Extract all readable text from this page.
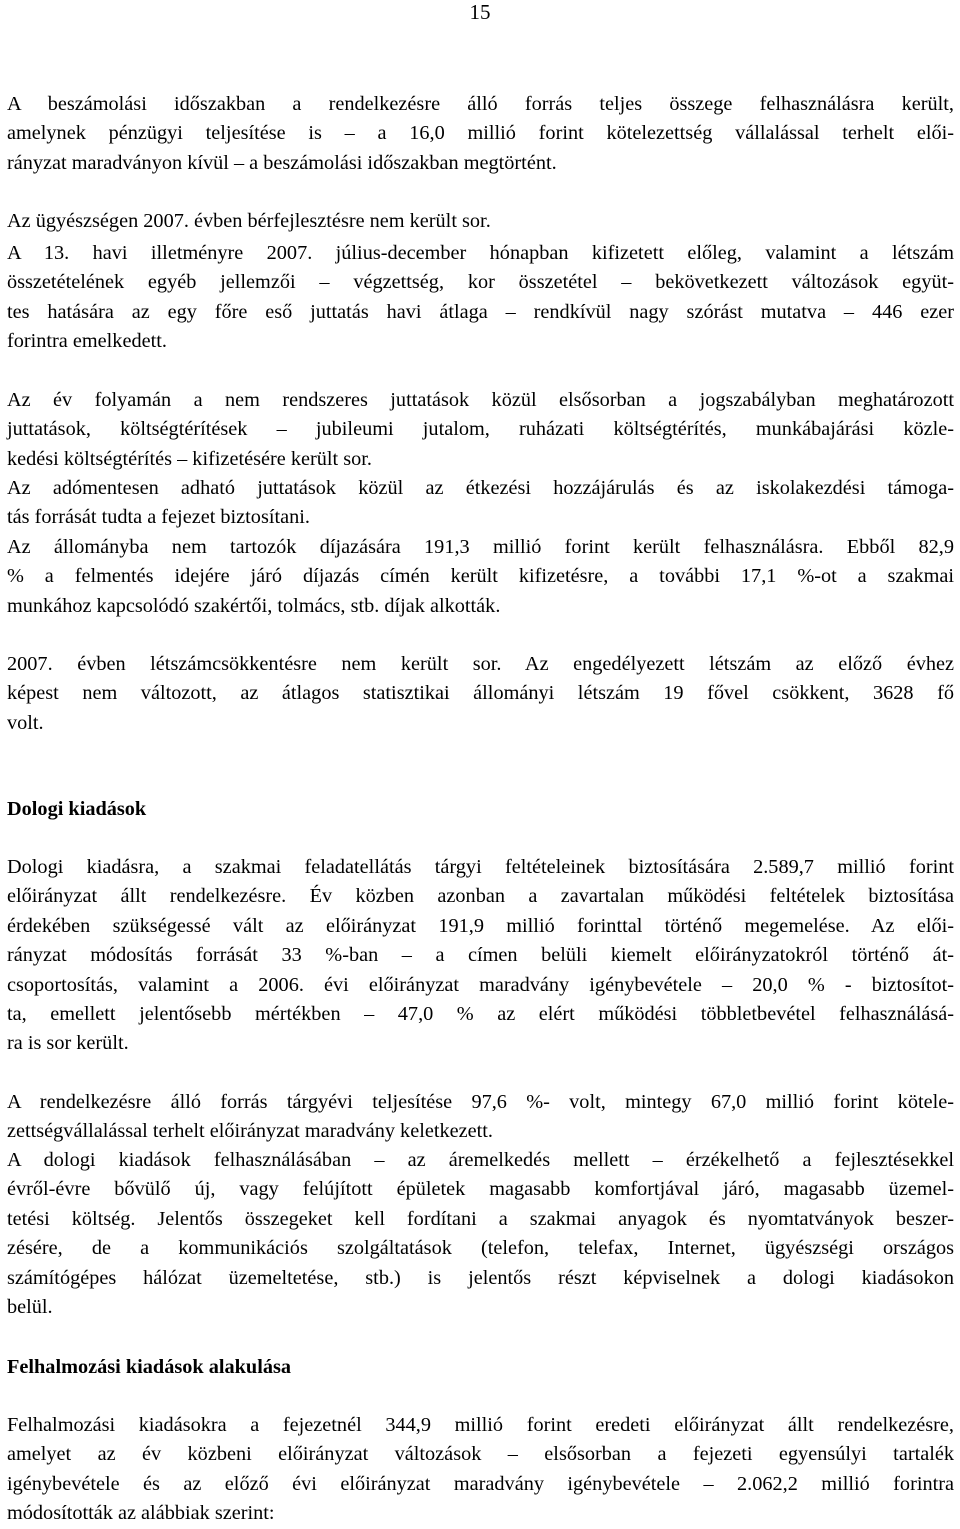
15
A beszámolási időszakban a rendelkezésre álló forrás teljes összege felhasználásra került,
amelynek pénzügyi teljesítése is – a 16,0 millió forint kötelezettség vállalással terhelt elői-
rányzat maradványon kívül – a beszámolási időszakban megtörtént.
Az ügyészségen 2007. évben bérfejlesztésre nem került sor.
A 13. havi illetményre 2007. július-december hónapban kifizetett előleg, valamint a létszám
összetételének egyéb jellemzői – végzettség, kor összetétel – bekövetkezett változások együt-
tes hatására az egy főre eső juttatás havi átlaga – rendkívül nagy szórást mutatva – 446 ezer
forintra emelkedett.
Az év folyamán a nem rendszeres juttatások közül elsősorban a jogszabályban meghatározott
juttatások, költségtérítések – jubileumi jutalom, ruházati költségtérítés, munkábajárási közle-
kedési költségtérítés – kifizetésére került sor.
Az adómentesen adható juttatások közül az étkezési hozzájárulás és az iskolakezdési támoga-
tás forrását tudta a fejezet biztosítani.
Az állományba nem tartozók díjazására 191,3 millió forint került felhasználásra. Ebből 82,9
% a felmentés idejére járó díjazás címén került kifizetésre, a további 17,1 %-ot a szakmai
munkához kapcsolódó szakértői, tolmács, stb. díjak alkották.
2007. évben létszámcsökkentésre nem került sor. Az engedélyezett létszám az előző évhez
képest nem változott, az átlagos statisztikai állományi létszám 19 fővel csökkent, 3628 fő
volt.
Dologi kiadások
Dologi kiadásra, a szakmai feladatellátás tárgyi feltételeinek biztosítására 2.589,7 millió forint
előirányzat állt rendelkezésre. Év közben azonban a zavartalan működési feltételek biztosítása
érdekében szükségessé vált az előirányzat 191,9 millió forinttal történő megemelése. Az elői-
rányzat módosítás forrását 33 %-ban – a címen belüli kiemelt előirányzatokról történő át-
csoportosítás, valamint a 2006. évi előirányzat maradvány igénybevétele – 20,0 % - biztosítot-
ta, emellett jelentősebb mértékben – 47,0 % az elért működési többletbevétel felhasználásá-
ra is sor került.
A rendelkezésre álló forrás tárgyévi teljesítése 97,6 %- volt, mintegy 67,0 millió forint kötele-
zettségvállalással terhelt előirányzat maradvány keletkezett.
A dologi kiadások felhasználásában – az áremelkedés mellett – érzékelhető a fejlesztésekkel
évről-évre bővülő új, vagy felújított épületek magasabb komfortjával járó, magasabb üzemel-
tetési költség. Jelentős összegeket kell fordítani a szakmai anyagok és nyomtatványok beszer-
zésére, de a kommunikációs szolgáltatások (telefon, telefax, Internet, ügyészségi országos
számítógépes hálózat üzemeltetése, stb.) is jelentős részt képviselnek a dologi kiadásokon
belül.
Felhalmozási kiadások alakulása
Felhalmozási kiadásokra a fejezetnél 344,9 millió forint eredeti előirányzat állt rendelkezésre,
amelyet az év közbeni előirányzat változások – elsősorban a fejezeti egyensúlyi tartalék
igénybevétele és az előző évi előirányzat maradvány igénybevétele – 2.062,2 millió forintra
módosították az alábbiak szerint:
